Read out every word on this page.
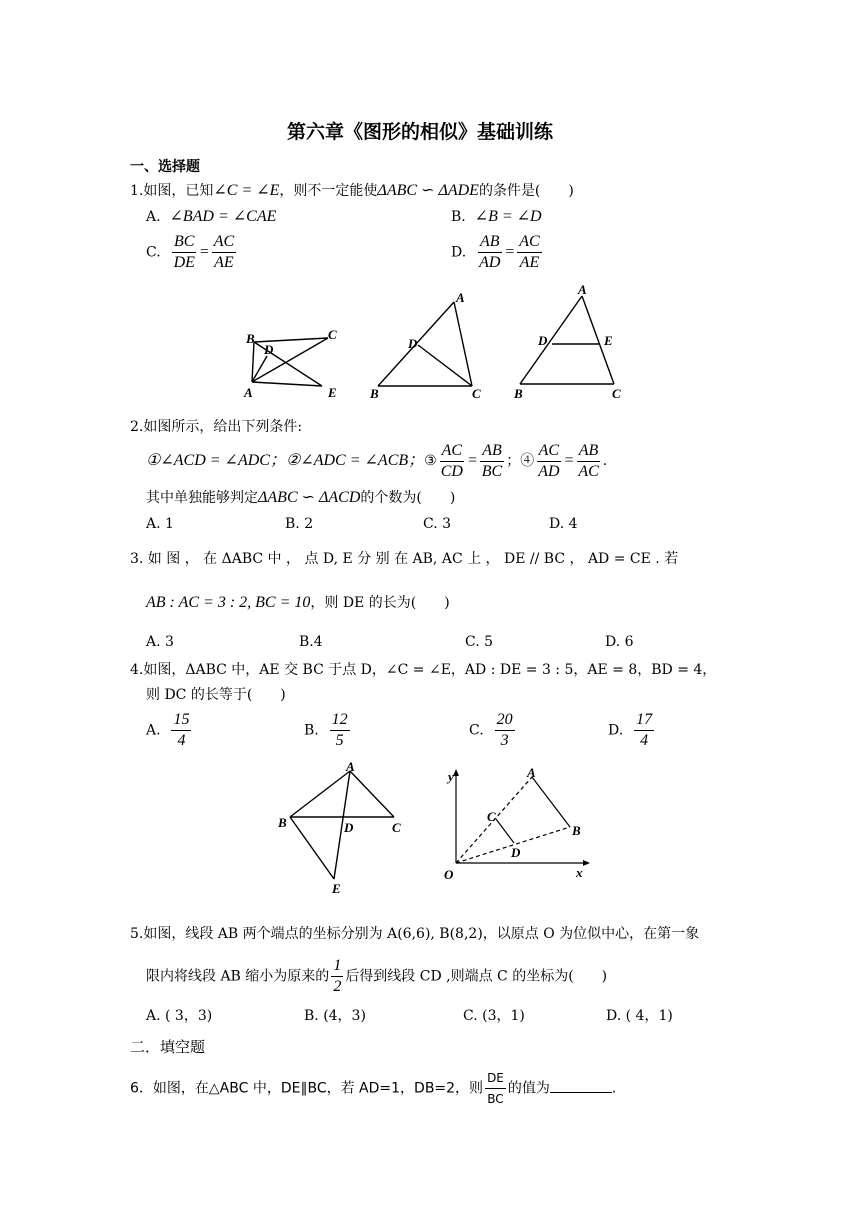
第六章《图形的相似》基础训练
一、选择题
1.如图，已知∠C = ∠E，则不一定能使ΔABC ∽ ΔADE的条件是(　　)
A. ∠BAD = ∠CAE	B. ∠B = ∠D
C. $\frac{BC}{DE} = \frac{AC}{AE}$	D. $\frac{AB}{AD} = \frac{AC}{AE}$
B
D
C
A	E
A
D
B	C
A
D	E
B	C
2.如图所示，给出下列条件:
①∠ACD = ∠ADC；②∠ADC = ∠ACB；③ $\frac{AC}{CD} = \frac{AB}{BC}$ ；④ $\frac{AC}{AD} = \frac{AB}{AC}$ .
其中单独能够判定ΔABC ∽ ΔACD的个数为(　　)
A. 1	B. 2	C. 3	D. 4
3. 如 图 ， 在 ΔABC 中 ， 点 D, E 分 别 在 AB, AC 上 ， DE // BC ， AD = CE . 若
AB : AC = 3 : 2, BC = 10，则 DE 的长为(　　)
A. 3	B.4	C. 5	D. 6
4.如图，ΔABC 中，AE 交 BC 于点 D，∠C = ∠E，AD : DE = 3 : 5，AE = 8，BD = 4，
则 DC 的长等于(　　)
A. $\frac{15}{4}$	B. $\frac{12}{5}$	C. $\frac{20}{3}$	D. $\frac{17}{4}$
A
B	D	C
E
y
x
O
A
B
C
D
5.如图，线段 AB 两个端点的坐标分别为 A(6,6), B(8,2)，以原点 O 为位似中心，在第一象
限内将线段 AB 缩小为原来的 $\frac{1}{2}$ 后得到线段 CD ,则端点 C 的坐标为(　　)
A. ( 3，3)	B. (4，3)	C. (3，1)	D. ( 4，1)
二．填空题
6．如图，在△ABC 中，DE∥BC，若 AD=1，DB=2，则 $\frac{DE}{BC}$ 的值为	.
